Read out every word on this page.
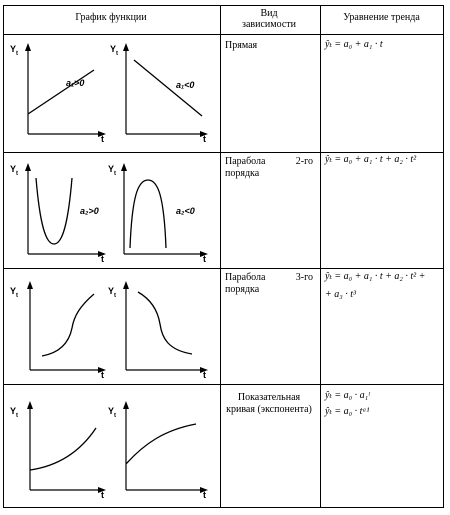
График функции	Вид
зависимости
Уравнение тренда
Прямая
Парабола 2-го порядка
Парабола 3-го порядка
Показательная кривая (экспонента)
ŷₜ = a₀ + a₁ · t
ŷₜ = a₀ + a₁ · t + a₂ · t²
ŷₜ = a₀ + a₁ · t + a₂ · t² +
+ a₃ · t³
ŷₜ = a₀ · a₁ᵗ
ŷₜ = a₀ · tᵃ¹
$Y_t$
t
a₁>0
$Y_t$
t
a₁<0
$Y_t$
t
a₂>0
$Y_t$
t
a₂<0
$Y_t$
t
$Y_t$
t
$Y_t$
t
$Y_t$
t
